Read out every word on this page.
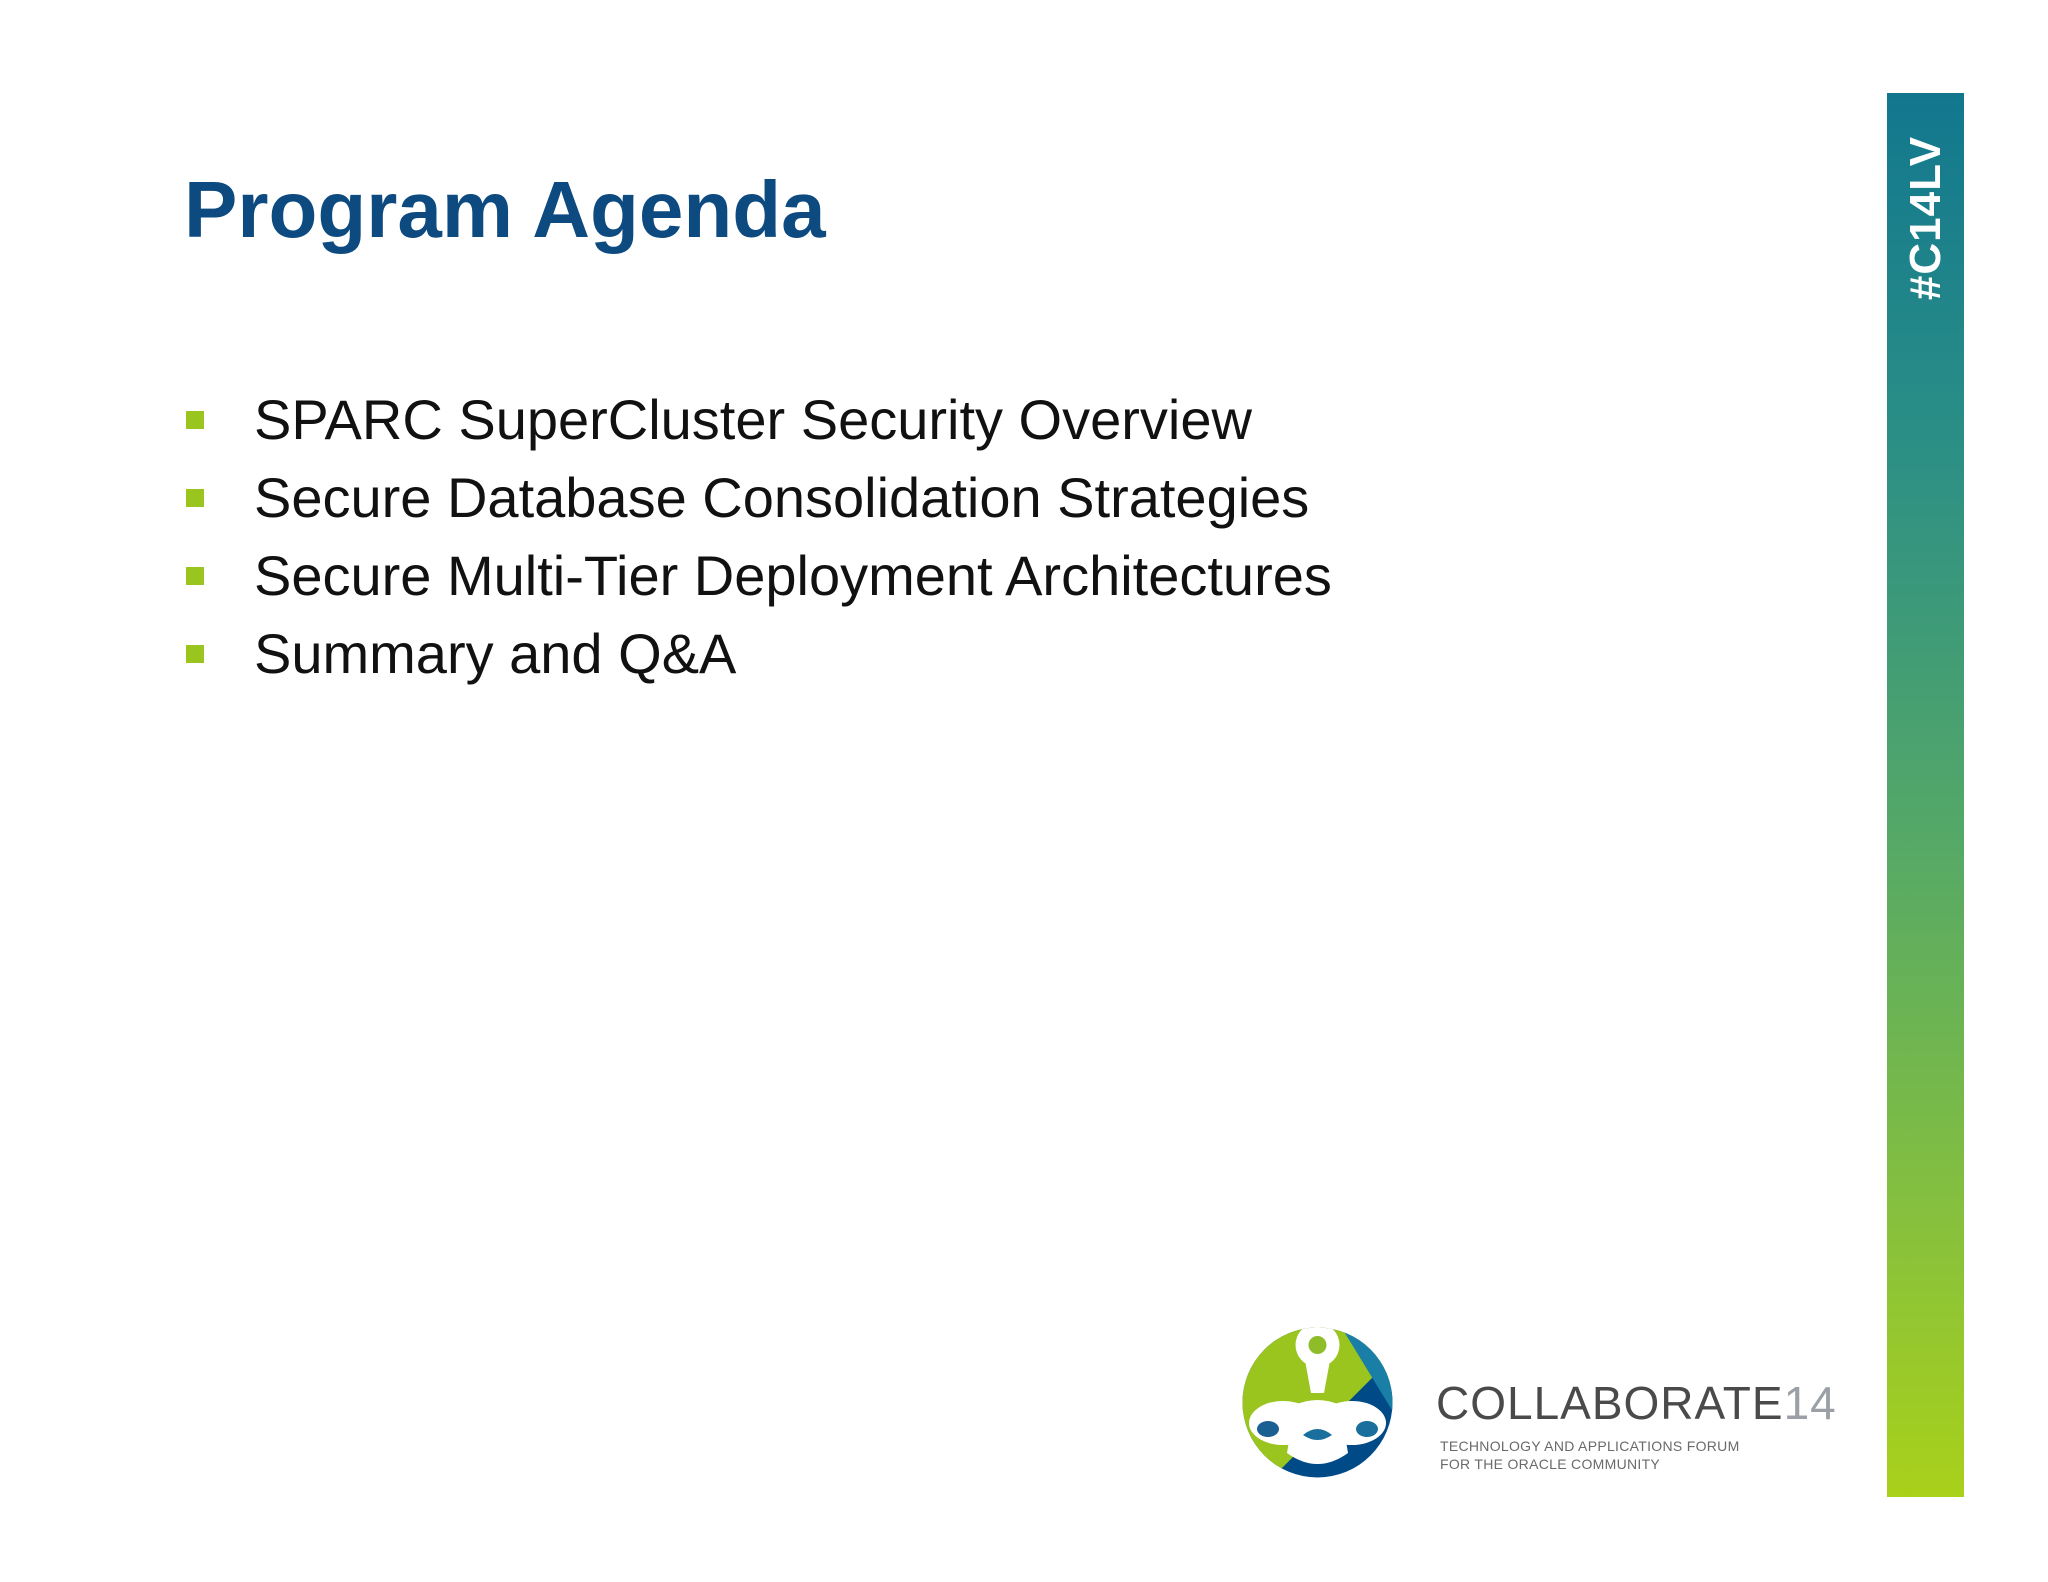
Program Agenda
SPARC SuperCluster Security Overview
Secure Database Consolidation Strategies
Secure Multi-Tier Deployment Architectures
Summary and Q&A
#C14LV
COLLABORATE14
TECHNOLOGY AND APPLICATIONS FORUM
FOR THE ORACLE COMMUNITY
